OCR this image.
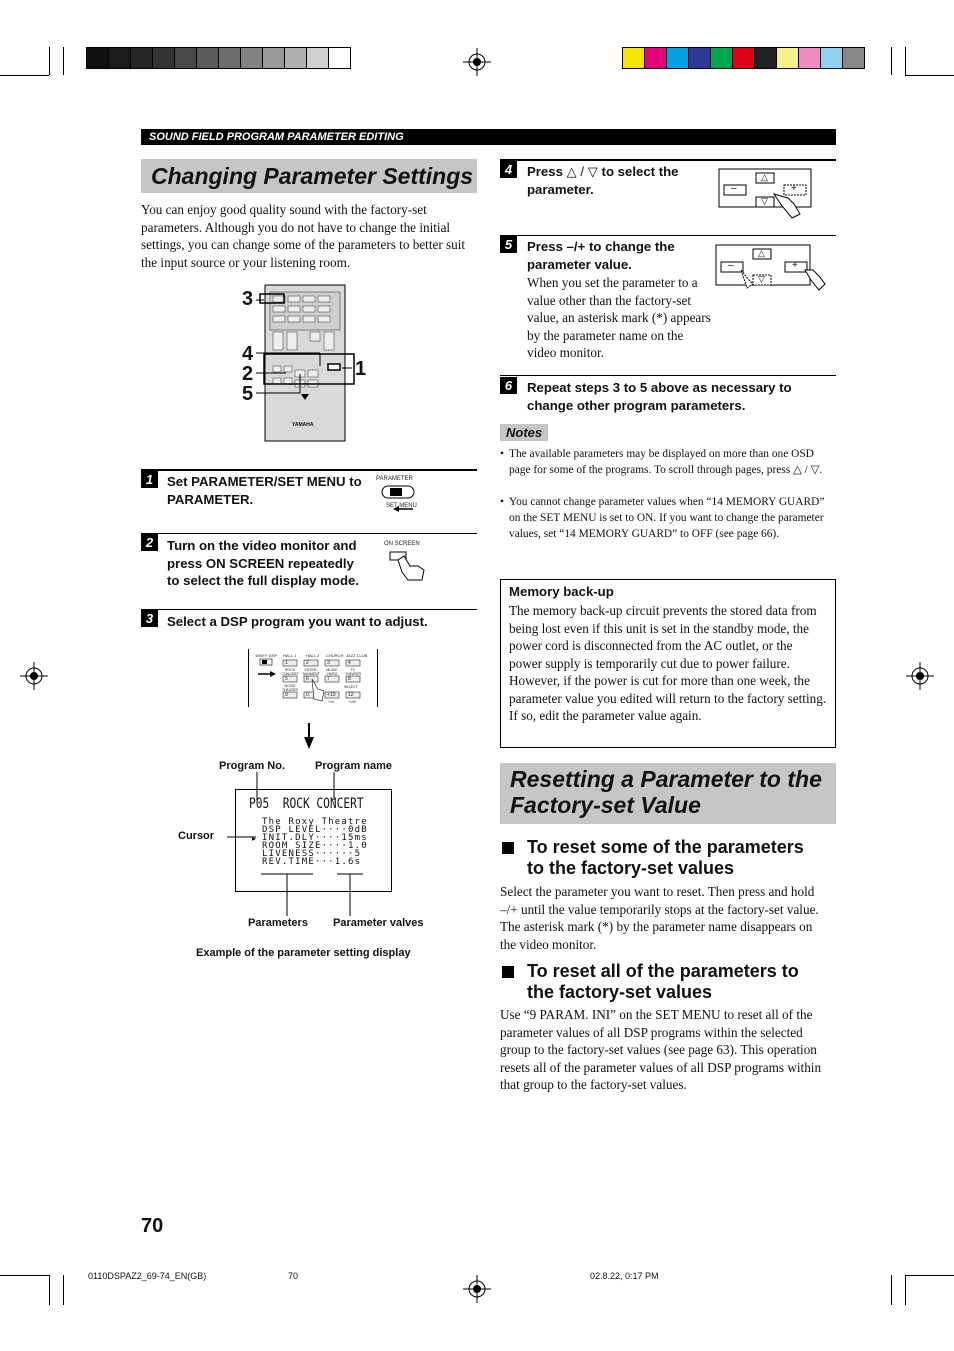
SOUND FIELD PROGRAM PARAMETER EDITING
Changing Parameter Settings
You can enjoy good quality sound with the factory-set parameters. Although you do not have to change the initial settings, you can change some of the parameters to better suit the input source or your listening room.
YAMAHA
3
4
2
5
1
1	Set PARAMETER/SET MENU to PARAMETER.
PARAMETER
SET MENU
2	Turn on the video monitor and press ON SCREEN repeatedly to select the full display mode.
ON SCREEN
3	Select a DSP program you want to adjust.
10KEY DSP HALL 1 HALL 2 CHURCH JAZZ CLUB
1	2	3	4
5	6	7	8
9	0	+10	12
ROCK CONCERT
ENTER-TAINMENT
MUSIC VIDEO
TV THEATER
MOVIE THEATER
SELECT
+10	+100
Program No.	Program name
Cursor
P05  ROCK CONCERT
The Roxy Theatre
DSP LEVEL····0dB
INIT.DLY····15ms
ROOM SIZE····1.0
LIVENESS······5
REV.TIME···1.6s
▸
Parameters Parameter valves
Example of the parameter setting display
4	Press △ / ▽ to select the parameter.	–	+
△
▽
5	Press –/+ to change the parameter value.
When you set the parameter to a value other than the factory-set value, an asterisk mark (*) appears by the parameter name on the video monitor.
–	+
△
▽
6	Repeat steps 3 to 5 above as necessary to change other program parameters.
Notes
• The available parameters may be displayed on more than one OSD page for some of the programs. To scroll through pages, press △ / ▽.
• You cannot change parameter values when “14 MEMORY GUARD” on the SET MENU is set to ON. If you want to change the parameter values, set “14 MEMORY GUARD” to OFF (see page 66).
Memory back-up
The memory back-up circuit prevents the stored data from being lost even if this unit is set in the standby mode, the power cord is disconnected from the AC outlet, or the power supply is temporarily cut due to power failure. However, if the power is cut for more than one week, the parameter value you edited will return to the factory setting. If so, edit the parameter value again.
Resetting a Parameter to the
Factory-set Value
To reset some of the parameters
to the factory-set values
Select the parameter you want to reset. Then press and hold –/+ until the value temporarily stops at the factory-set value. The asterisk mark (*) by the parameter name disappears on the video monitor.
To reset all of the parameters to
the factory-set values
Use “9 PARAM. INI” on the SET MENU to reset all of the parameter values of all DSP programs within the selected group to the factory-set values (see page 63). This operation resets all of the parameter values of all DSP programs within that group to the factory-set values.
70
0110DSPAZ2_69-74_EN(GB)	70	02.8.22, 0:17 PM
